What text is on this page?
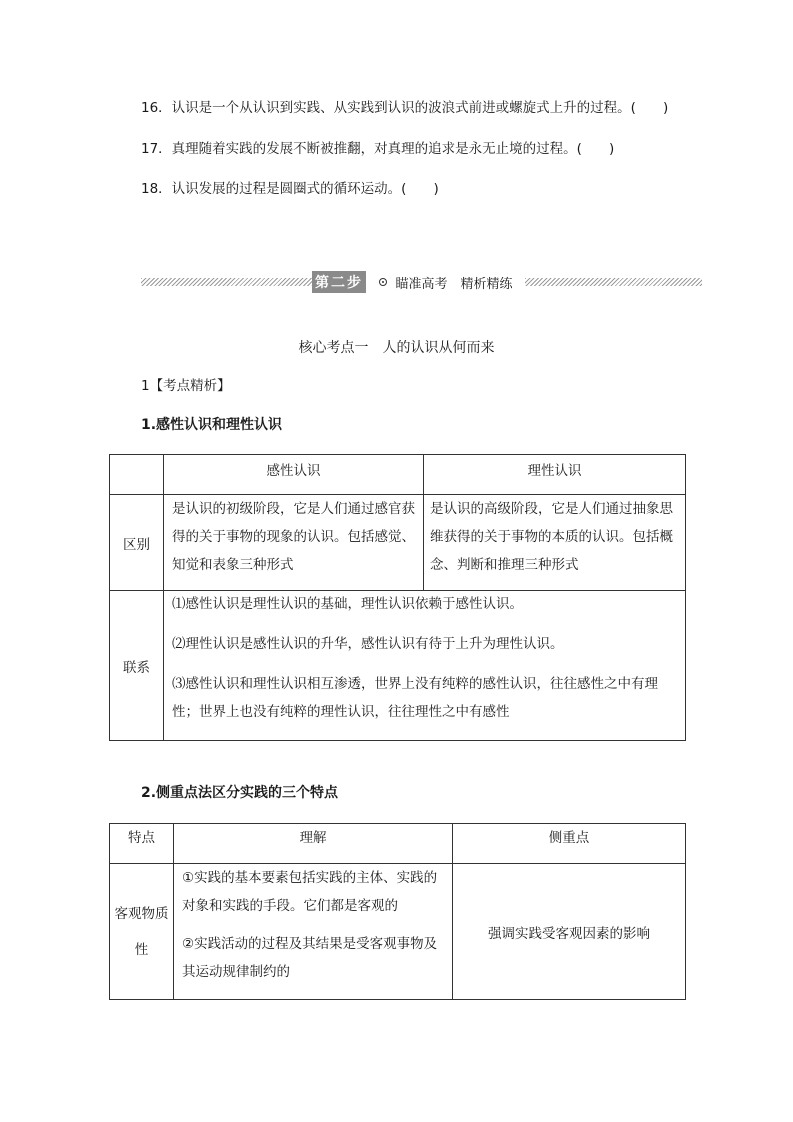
16．认识是一个从认识到实践、从实践到认识的波浪式前进或螺旋式上升的过程。(　　)
17．真理随着实践的发展不断被推翻，对真理的追求是永无止境的过程。(　　)
18．认识发展的过程是圆圈式的循环运动。(　　)
第二步 瞄准高考　精析精练
核心考点一　人的认识从何而来
1【考点精析】
1.感性认识和理性认识
	感性认识	理性认识
区别	是认识的初级阶段，它是人们通过感官获得的关于事物的现象的认识。包括感觉、知觉和表象三种形式	是认识的高级阶段，它是人们通过抽象思维获得的关于事物的本质的认识。包括概念、判断和推理三种形式

联系	⑴感性认识是理性认识的基础，理性认识依赖于感性认识。

⑵理性认识是感性认识的升华，感性认识有待于上升为理性认识。

⑶感性认识和理性认识相互渗透，世界上没有纯粹的感性认识，往往感性之中有理性；世界上也没有纯粹的理性认识，往往理性之中有感性	

2.侧重点法区分实践的三个特点
特点	理解	侧重点
客观物质性	①实践的基本要素包括实践的主体、实践的对象和实践的手段。它们都是客观的

②实践活动的过程及其结果是受客观事物及其运动规律制约的	强调实践受客观因素的影响
